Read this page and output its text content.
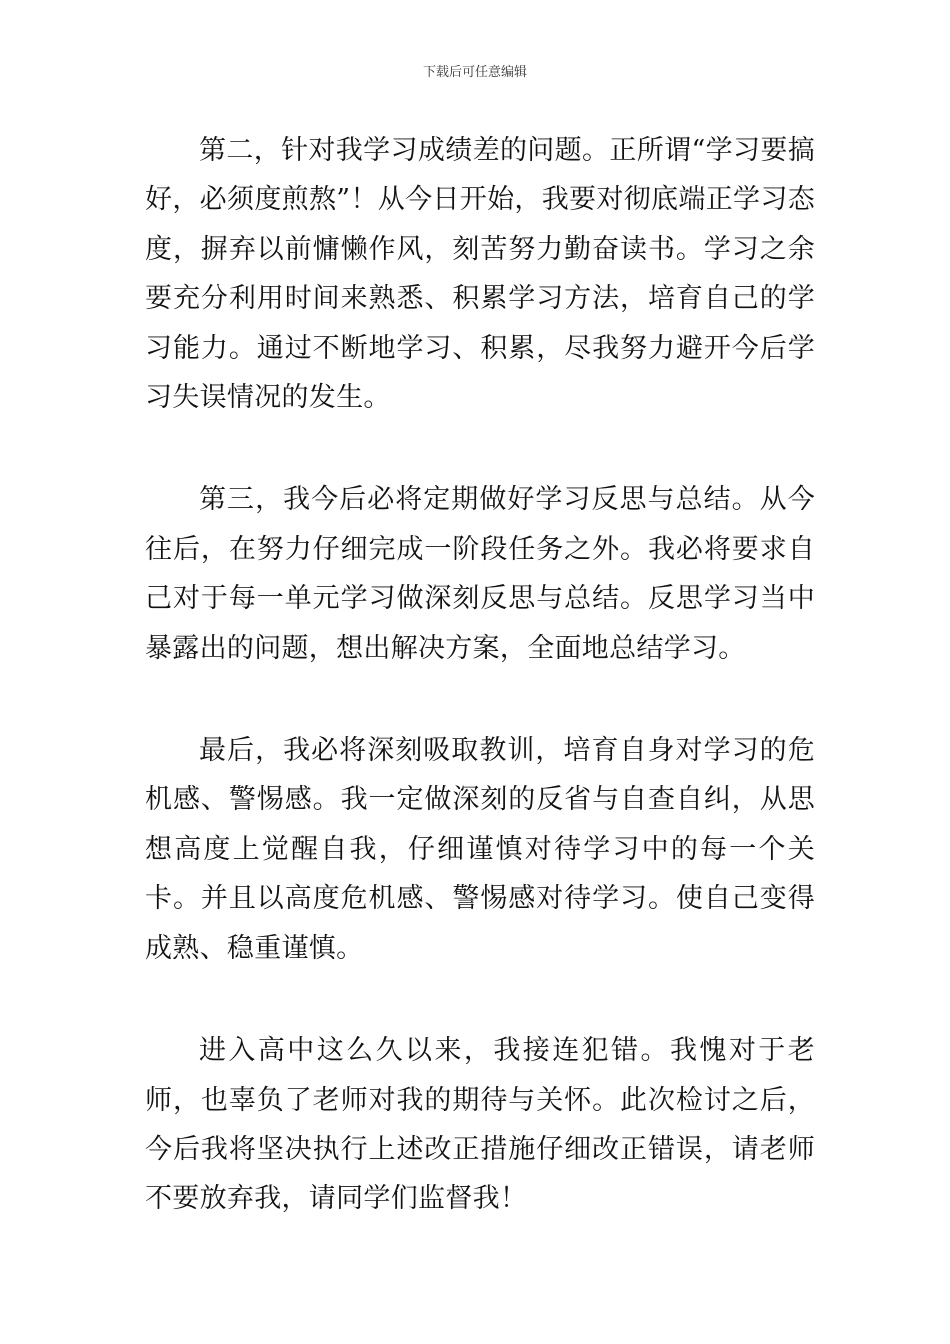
下载后可任意编辑

第二，针对我学习成绩差的问题。正所谓“学习要搞好，必须度煎熬”！从今日开始，我要对彻底端正学习态度，摒弃以前慵懒作风，刻苦努力勤奋读书。学习之余要充分利用时间来熟悉、积累学习方法，培育自己的学习能力。通过不断地学习、积累，尽我努力避开今后学习失误情况的发生。

第三，我今后必将定期做好学习反思与总结。从今往后，在努力仔细完成一阶段任务之外。我必将要求自己对于每一单元学习做深刻反思与总结。反思学习当中暴露出的问题，想出解决方案，全面地总结学习。

最后，我必将深刻吸取教训，培育自身对学习的危机感、警惕感。我一定做深刻的反省与自查自纠，从思想高度上觉醒自我，仔细谨慎对待学习中的每一个关卡。并且以高度危机感、警惕感对待学习。使自己变得成熟、稳重谨慎。

进入高中这么久以来，我接连犯错。我愧对于老师，也辜负了老师对我的期待与关怀。此次检讨之后，今后我将坚决执行上述改正措施仔细改正错误，请老师不要放弃我，请同学们监督我！
